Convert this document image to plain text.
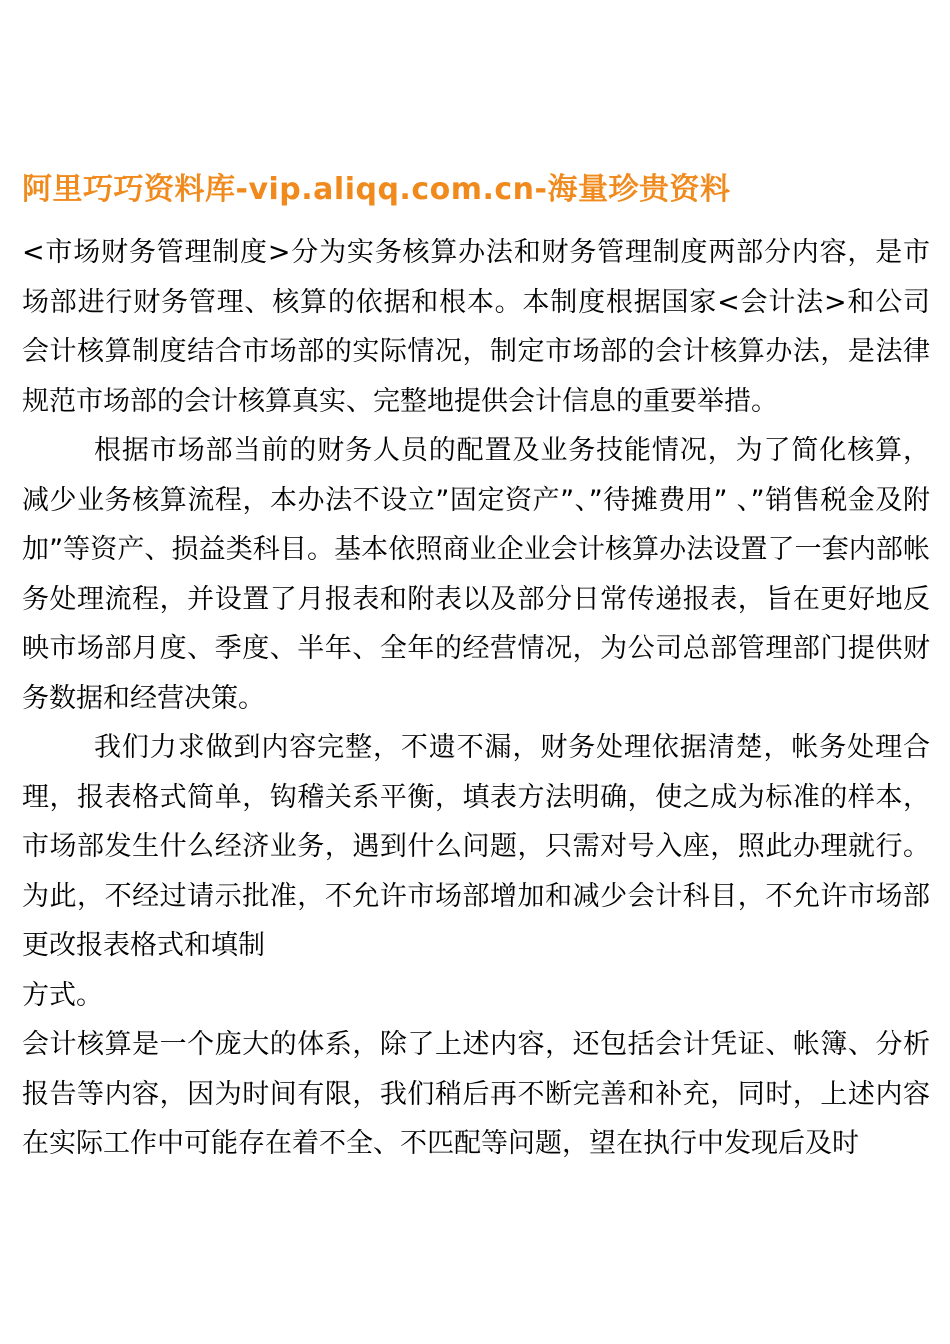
阿里巧巧资料库-vip.aliqq.com.cn-海量珍贵资料

<市场财务管理制度>分为实务核算办法和财务管理制度两部分内容，是市场部进行财务管理、核算的依据和根本。本制度根据国家<会计法>和公司会计核算制度结合市场部的实际情况，制定市场部的会计核算办法，是法律规范市场部的会计核算真实、完整地提供会计信息的重要举措。

根据市场部当前的财务人员的配置及业务技能情况，为了简化核算，减少业务核算流程，本办法不设立”固定资产”、”待摊费用” 、”销售税金及附加”等资产、损益类科目。基本依照商业企业会计核算办法设置了一套内部帐务处理流程，并设置了月报表和附表以及部分日常传递报表，旨在更好地反映市场部月度、季度、半年、全年的经营情况，为公司总部管理部门提供财务数据和经营决策。

我们力求做到内容完整，不遗不漏，财务处理依据清楚，帐务处理合理，报表格式简单，钩稽关系平衡，填表方法明确，使之成为标准的样本，市场部发生什么经济业务，遇到什么问题，只需对号入座，照此办理就行。为此，不经过请示批准，不允许市场部增加和减少会计科目，不允许市场部更改报表格式和填制

方式。

会计核算是一个庞大的体系，除了上述内容，还包括会计凭证、帐簿、分析报告等内容，因为时间有限，我们稍后再不断完善和补充，同时，上述内容在实际工作中可能存在着不全、不匹配等问题，望在执行中发现后及时
